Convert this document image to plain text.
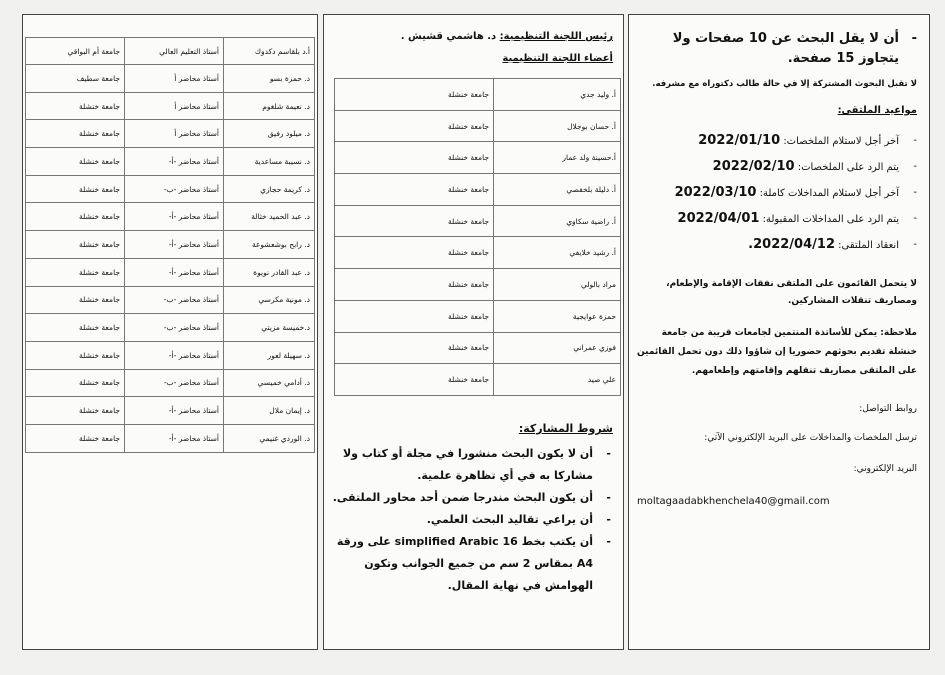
أ.د بلقاسم دكدوك	أستاذ التعليم العالي	جامعة أم البواقي
د. حمزة بسو	أستاذ محاضر أ	جامعة سطيف
د. نعيمة شلغوم	أستاذ محاضر أ	جامعة خنشلة
د. ميلود رفيق	أستاذ محاضر أ	جامعة خنشلة
د. نسيبة مساعدية	أستاذ محاضر -أ-	جامعة خنشلة
د. كريمة حجازي	أستاذ محاضر -ب-	جامعة خنشلة
د. عبد الحميد خثالة	أستاذ محاضر -أ-	جامعة خنشلة
د. رابح بوشعشوعة	أستاذ محاضر -أ-	جامعة خنشلة
د. عبد القادر نويوة	أستاذ محاضر -أ-	جامعة خنشلة
د. مونية مكرسي	أستاذ محاضر -ب-	جامعة خنشلة
د.خميسة مزيتي	أستاذ محاضر -ب-	جامعة خنشلة
د. سهيلة لعور	أستاذ محاضر -أ-	جامعة خنشلة
د. أدامي خميسي	أستاذ محاضر -ب-	جامعة خنشلة
د. إيمان ملال	أستاذ محاضر -أ-	جامعة خنشلة
د. الوردي غنيمي	أستاذ محاضر -أ-	جامعة خنشلة
رئيس اللجنة التنظيمية: د. هاشمي قشيش .
أعضاء اللجنة التنظيمية
أ. وليد جدي	جامعة خنشلة
أ. حسان بوجلال	جامعة خنشلة
أ.حسينة ولد عمار	جامعة خنشلة
أ. دليلة بلخفصي	جامعة خنشلة
أ. راضية سكاوي	جامعة خنشلة
أ. رشيد خلايفي	جامعة خنشلة
مراد بالولي	جامعة خنشلة
حمزة عوايجية	جامعة خنشلة
فوزي عمراني	جامعة خنشلة
علي صيد	جامعة خنشلة
شروط المشاركة:
- أن لا يكون البحث منشورا في مجلة أو كتاب ولا مشاركا به في أي تظاهرة علمية.
- أن يكون البحث مندرجا ضمن أحد محاور الملتقى.
- أن يراعي تقاليد البحث العلمي.
- أن يكتب بخط simplified Arabic 16 على ورقة A4 بمقاس 2 سم من جميع الجوانب وتكون الهوامش في نهاية المقال.
- أن لا يقل البحث عن 10 صفحات ولا يتجاوز 15 صفحة.
لا تقبل البحوث المشتركة إلا في حالة طالب دكتوراه مع مشرفه.
مواعيد الملتقى:
- آخر أجل لاستلام الملخصات: 2022/01/10
- يتم الرد على الملخصات: 2022/02/10
- آخر أجل لاستلام المداخلات كاملة: 2022/03/10
- يتم الرد على المداخلات المقبولة: 2022/04/01
- انعقاد الملتقى: 2022/04/12.
لا يتحمل القائمون على الملتقى نفقات الإقامة والإطعام، ومصاريف تنقلات المشاركين.
ملاحظة: يمكن للأساتذة المنتمين لجامعات قريبة من جامعة خنشلة تقديم بحوثهم حضوريا إن شاؤوا ذلك دون تحمل القائمين على الملتقى مصاريف تنقلهم وإقامتهم وإطعامهم.
روابط التواصل:
ترسل الملخصات والمداخلات على البريد الإلكتروني الآتي:
البريد الإلكتروني:
moltagaadabkhenchela40@gmail.com
